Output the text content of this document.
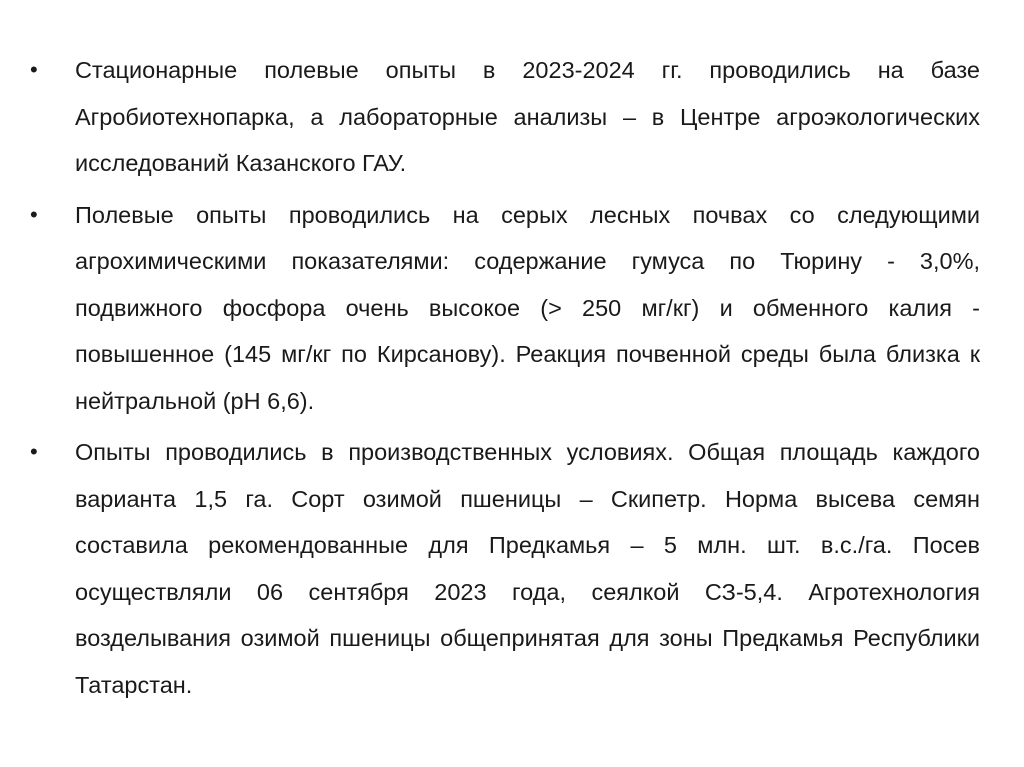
•	Стационарные полевые опыты в 2023-2024 гг. проводились на базе Агробиотехнопарка, а лабораторные анализы – в Центре агроэкологических исследований Казанского ГАУ.
•	Полевые опыты проводились на серых лесных почвах со следующими агрохимическими показателями: содержание гумуса по Тюрину - 3,0%, подвижного фосфора очень высокое (> 250 мг/кг) и обменного калия - повышенное (145 мг/кг по Кирсанову). Реакция почвенной среды была близка к нейтральной (рН 6,6).
•	Опыты проводились в производственных условиях. Общая площадь каждого варианта 1,5 га. Сорт озимой пшеницы – Скипетр. Норма высева семян составила рекомендованные для Предкамья – 5 млн. шт. в.с./га. Посев осуществляли 06 сентября 2023 года, сеялкой СЗ-5,4. Агротехнология возделывания озимой пшеницы общепринятая для зоны Предкамья Республики Татарстан.
